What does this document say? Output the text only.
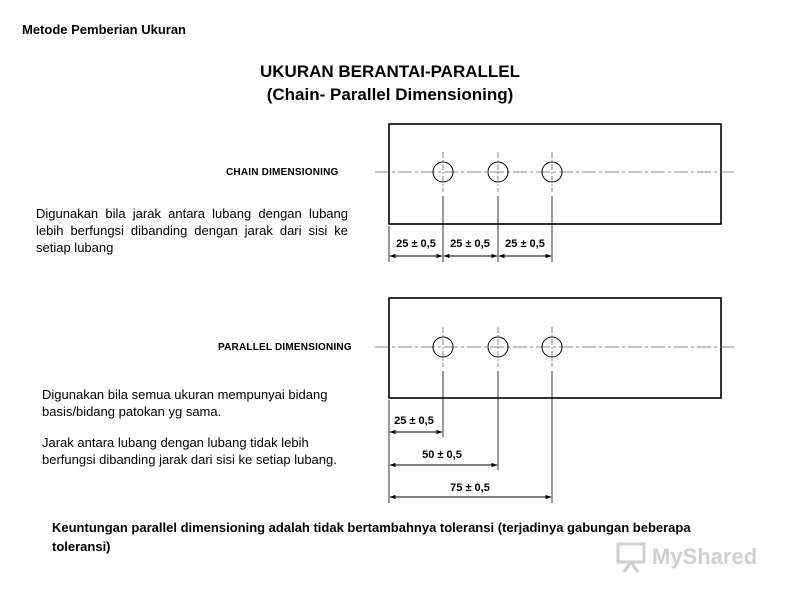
Metode Pemberian Ukuran
UKURAN BERANTAI-PARALLEL
(Chain- Parallel Dimensioning)
25 ± 0,5 25 ± 0,5 25 ± 0,5
25 ± 0,5
50 ± 0,5
75 ± 0,5
CHAIN DIMENSIONING
Digunakan bila jarak antara lubang dengan lubang lebih berfungsi dibanding dengan jarak dari sisi ke setiap lubang
PARALLEL DIMENSIONING
Digunakan bila semua ukuran mempunyai bidang basis/bidang patokan yg sama.
Jarak antara lubang dengan lubang tidak lebih berfungsi dibanding jarak dari sisi ke setiap lubang.
Keuntungan parallel dimensioning adalah tidak bertambahnya toleransi (terjadinya gabungan beberapa toleransi)	MyShared
